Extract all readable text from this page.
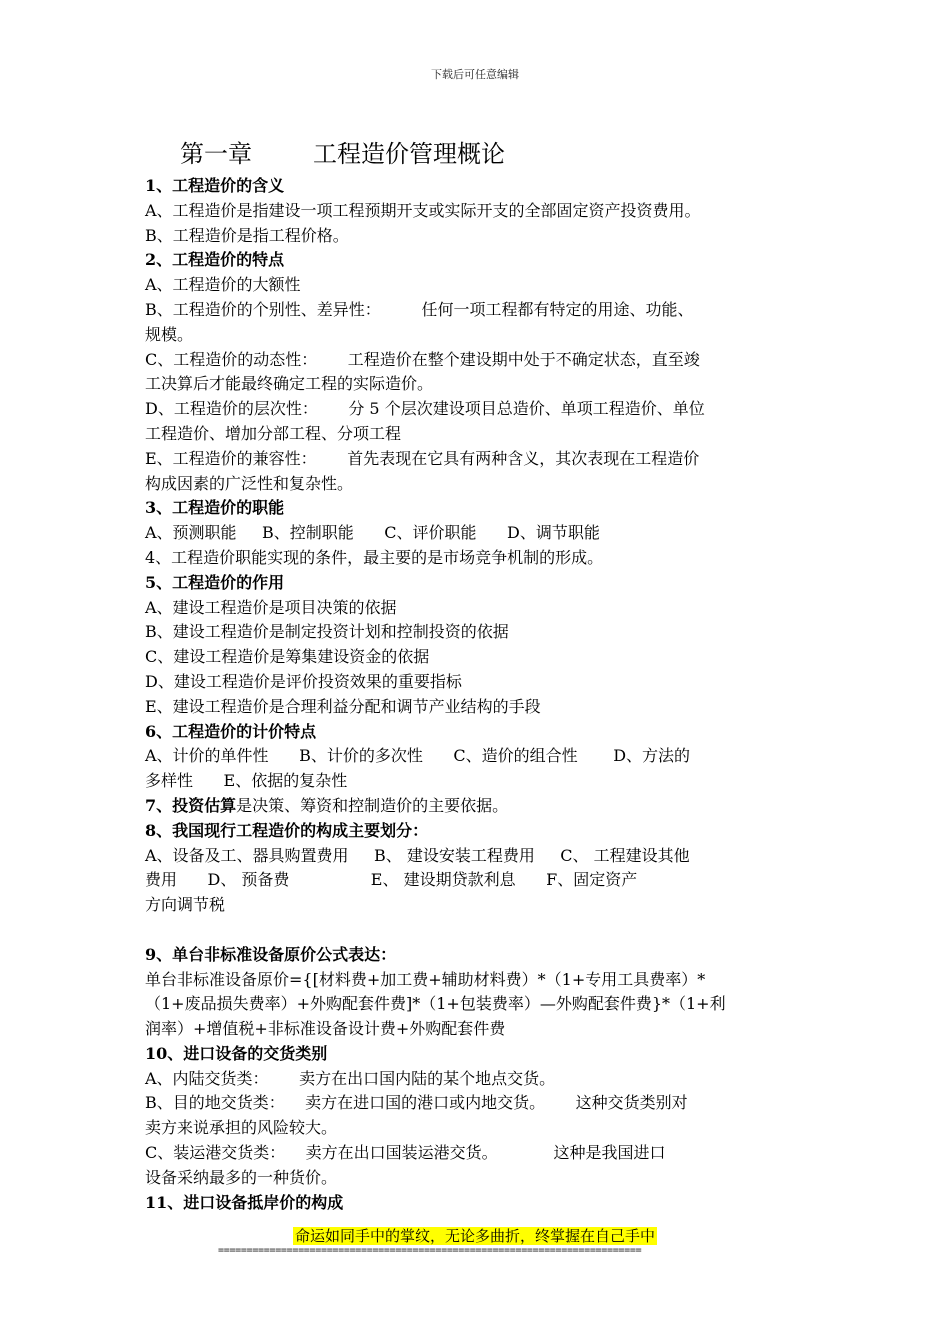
下载后可任意编辑
第一章        工程造价管理概论
1、工程造价的含义
A、工程造价是指建设一项工程预期开支或实际开支的全部固定资产投资费用。
B、工程造价是指工程价格。
2、工程造价的特点
A、工程造价的大额性
B、工程造价的个别性、差异性：        任何一项工程都有特定的用途、功能、
规模。
C、工程造价的动态性：      工程造价在整个建设期中处于不确定状态，直至竣
工决算后才能最终确定工程的实际造价。
D、工程造价的层次性：      分 5 个层次建设项目总造价、单项工程造价、单位
工程造价、增加分部工程、分项工程
E、工程造价的兼容性：      首先表现在它具有两种含义，其次表现在工程造价
构成因素的广泛性和复杂性。
3、工程造价的职能
A、预测职能     B、控制职能      C、评价职能      D、调节职能
4、工程造价职能实现的条件，最主要的是市场竞争机制的形成。
5、工程造价的作用
A、建设工程造价是项目决策的依据
B、建设工程造价是制定投资计划和控制投资的依据
C、建设工程造价是筹集建设资金的依据
D、建设工程造价是评价投资效果的重要指标
E、建设工程造价是合理利益分配和调节产业结构的手段
6、工程造价的计价特点
A、计价的单件性      B、计价的多次性      C、造价的组合性       D、方法的
多样性      E、依据的复杂性
7、投资估算是决策、筹资和控制造价的主要依据。
8、我国现行工程造价的构成主要划分：
A、设备及工、器具购置费用     B、 建设安装工程费用     C、 工程建设其他
费用      D、 预备费                E、 建设期贷款利息      F、固定资产
方向调节税
9、单台非标准设备原价公式表达：
单台非标准设备原价={[材料费+加工费+辅助材料费）*（1+专用工具费率）*
（1+废品损失费率）+外购配套件费]*（1+包装费率）—外购配套件费}*（1+利
润率）+增值税+非标准设备设计费+外购配套件费
10、进口设备的交货类别
A、内陆交货类：      卖方在出口国内陆的某个地点交货。
B、目的地交货类：    卖方在进口国的港口或内地交货。      这种交货类别对
卖方来说承担的风险较大。
C、装运港交货类：    卖方在出口国装运港交货。           这种是我国进口
设备采纳最多的一种货价。
11、进口设备抵岸价的构成
命运如同手中的掌纹，无论多曲折，终掌握在自己手中
==========================================================================
